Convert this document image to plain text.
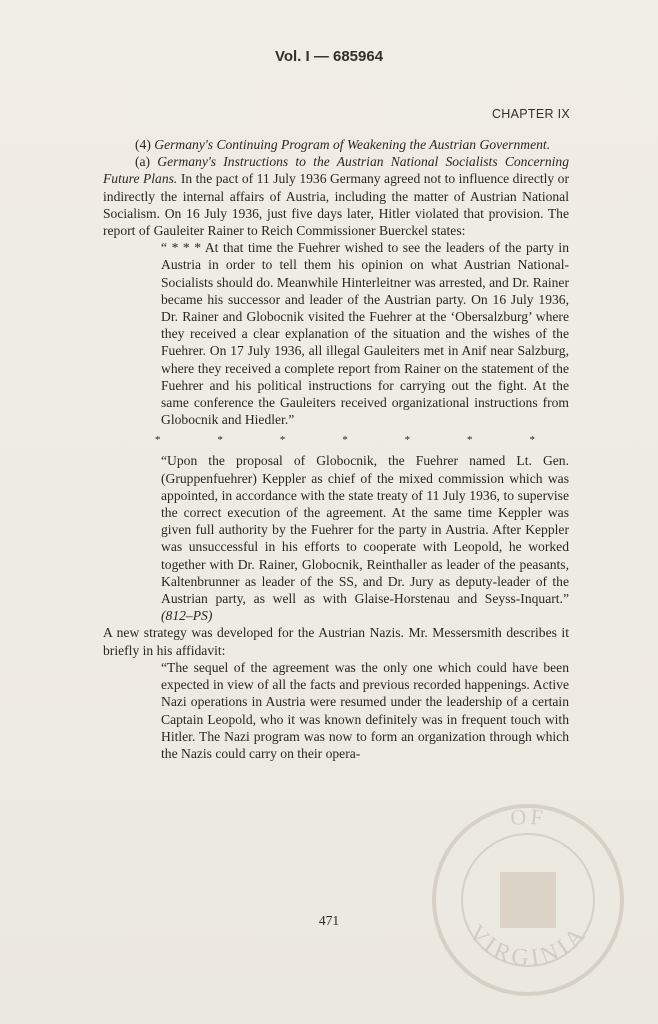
Vol. I — 685964
CHAPTER IX

(4) Germany's Continuing Program of Weakening the Austrian Government.

(a) Germany's Instructions to the Austrian National Socialists Concerning Future Plans. In the pact of 11 July 1936 Germany agreed not to influence directly or indirectly the internal affairs of Austria, including the matter of Austrian National Socialism. On 16 July 1936, just five days later, Hitler violated that provision. The report of Gauleiter Rainer to Reich Commissioner Buerckel states:

“ * * * At that time the Fuehrer wished to see the leaders of the party in Austria in order to tell them his opinion on what Austrian National-Socialists should do. Meanwhile Hinterleitner was arrested, and Dr. Rainer became his successor and leader of the Austrian party. On 16 July 1936, Dr. Rainer and Globocnik visited the Fuehrer at the ‘Obersalzburg’ where they received a clear explanation of the situation and the wishes of the Fuehrer. On 17 July 1936, all illegal Gauleiters met in Anif near Salzburg, where they received a complete report from Rainer on the statement of the Fuehrer and his political instructions for carrying out the fight. At the same conference the Gauleiters received organizational instructions from Globocnik and Hiedler.”

*	*	*	*	*	*	*

“Upon the proposal of Globocnik, the Fuehrer named Lt. Gen. (Gruppenfuehrer) Keppler as chief of the mixed commission which was appointed, in accordance with the state treaty of 11 July 1936, to supervise the correct execution of the agreement. At the same time Keppler was given full authority by the Fuehrer for the party in Austria. After Keppler was unsuccessful in his efforts to cooperate with Leopold, he worked together with Dr. Rainer, Globocnik, Reinthaller as leader of the peasants, Kaltenbrunner as leader of the SS, and Dr. Jury as deputy-leader of the Austrian party, as well as with Glaise-Horstenau and Seyss-Inquart.” (812–PS)

A new strategy was developed for the Austrian Nazis. Mr. Messersmith describes it briefly in his affidavit:

“The sequel of the agreement was the only one which could have been expected in view of all the facts and previous recorded happenings. Active Nazi operations in Austria were resumed under the leadership of a certain Captain Leopold, who it was known definitely was in frequent touch with Hitler. The Nazi program was now to form an organization through which the Nazis could carry on their opera-

471
OF
VIRGINIA
